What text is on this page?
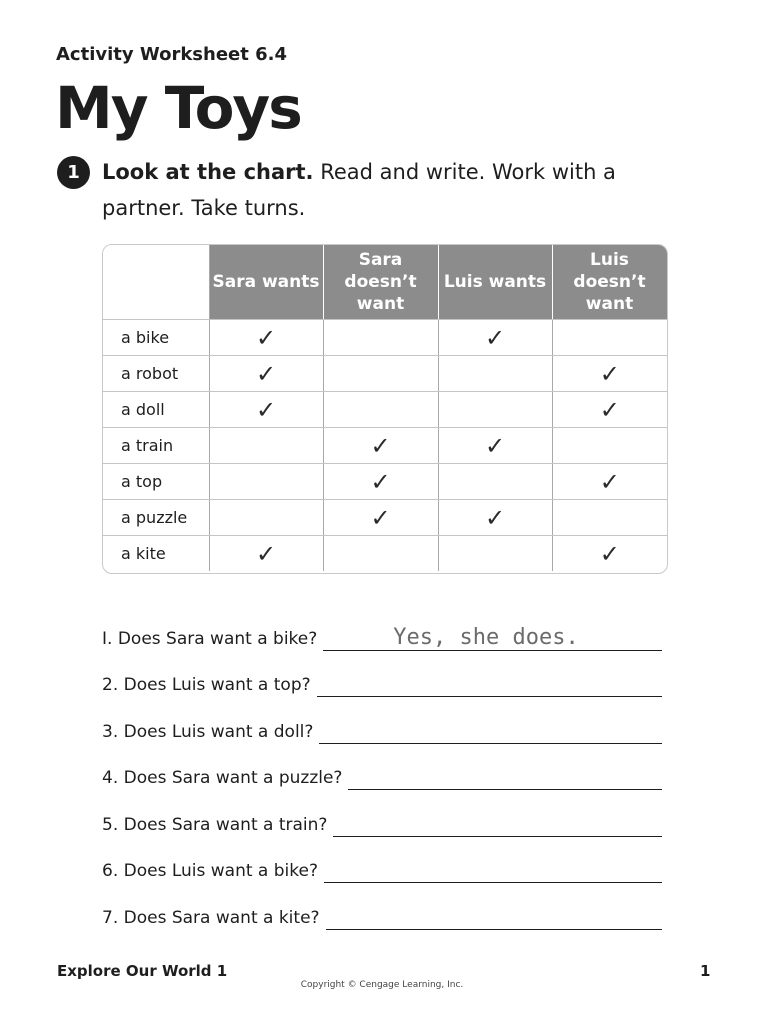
Activity Worksheet 6.4
My Toys
1	Look at the chart. Read and write. Work with a partner. Take turns.
	Sara wants	Sara doesn’t want	Luis wants	Luis doesn’t want
a bike	✓		✓	
a robot	✓			✓
a doll	✓			✓
a train		✓	✓	
a top		✓		✓
a puzzle		✓	✓	
a kite	✓			✓
I. Does Sara want a bike?	Yes, she does.
2. Does Luis want a top?
3. Does Luis want a doll?
4. Does Sara want a puzzle?
5. Does Sara want a train?
6. Does Luis want a bike?
7. Does Sara want a kite?
Explore Our World 1	1
Copyright © Cengage Learning, Inc.
